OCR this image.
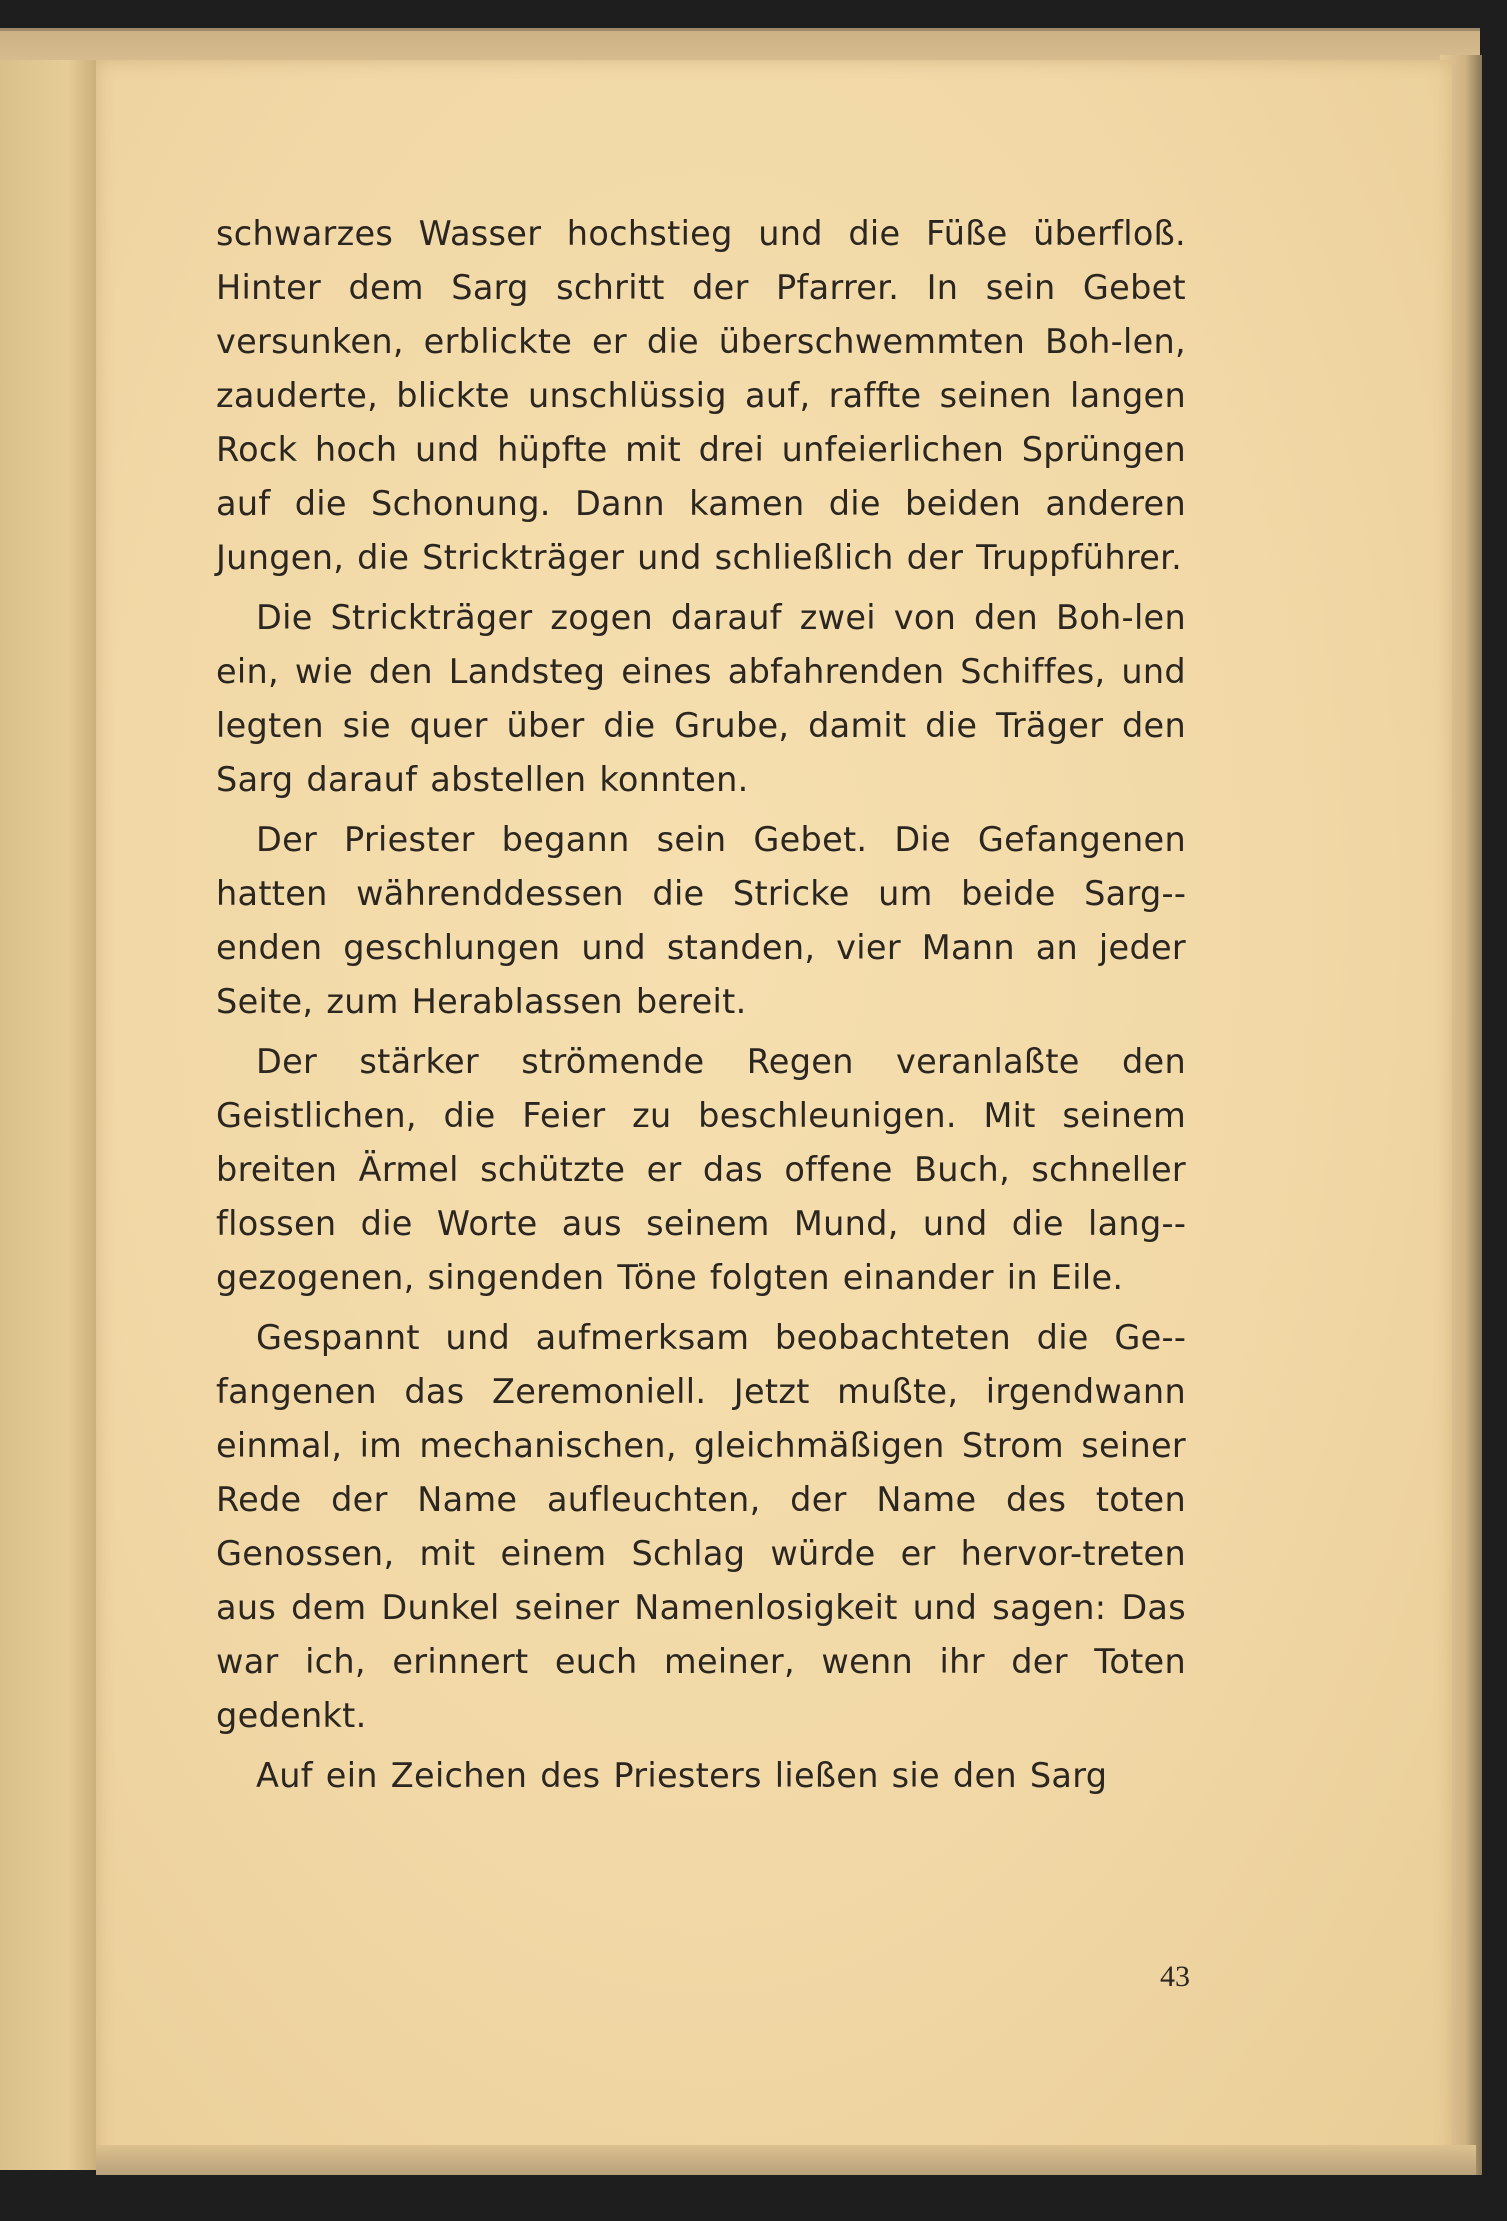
schwarzes Wasser hochstieg und die Füße überfloß. Hinter dem Sarg schritt der Pfarrer. In sein Gebet versunken, erblickte er die überschwemmten Boh-len, zauderte, blickte unschlüssig auf, raffte seinen langen Rock hoch und hüpfte mit drei unfeierlichen Sprüngen auf die Schonung. Dann kamen die beiden anderen Jungen, die Strickträger und schließlich der Truppführer.

Die Strickträger zogen darauf zwei von den Boh-len ein, wie den Landsteg eines abfahrenden Schiffes, und legten sie quer über die Grube, damit die Träger den Sarg darauf abstellen konnten.

Der Priester begann sein Gebet. Die Gefangenen hatten währenddessen die Stricke um beide Sarg-enden geschlungen und standen, vier Mann an jeder Seite, zum Herablassen bereit.

Der stärker strömende Regen veranlaßte den Geistlichen, die Feier zu beschleunigen. Mit seinem breiten Ärmel schützte er das offene Buch, schneller flossen die Worte aus seinem Mund, und die lang-gezogenen, singenden Töne folgten einander in Eile.

Gespannt und aufmerksam beobachteten die Ge-fangenen das Zeremoniell. Jetzt mußte, irgendwann einmal, im mechanischen, gleichmäßigen Strom seiner Rede der Name aufleuchten, der Name des toten Genossen, mit einem Schlag würde er hervor-treten aus dem Dunkel seiner Namenlosigkeit und sagen: Das war ich, erinnert euch meiner, wenn ihr der Toten gedenkt.

Auf ein Zeichen des Priesters ließen sie den Sarg

43
